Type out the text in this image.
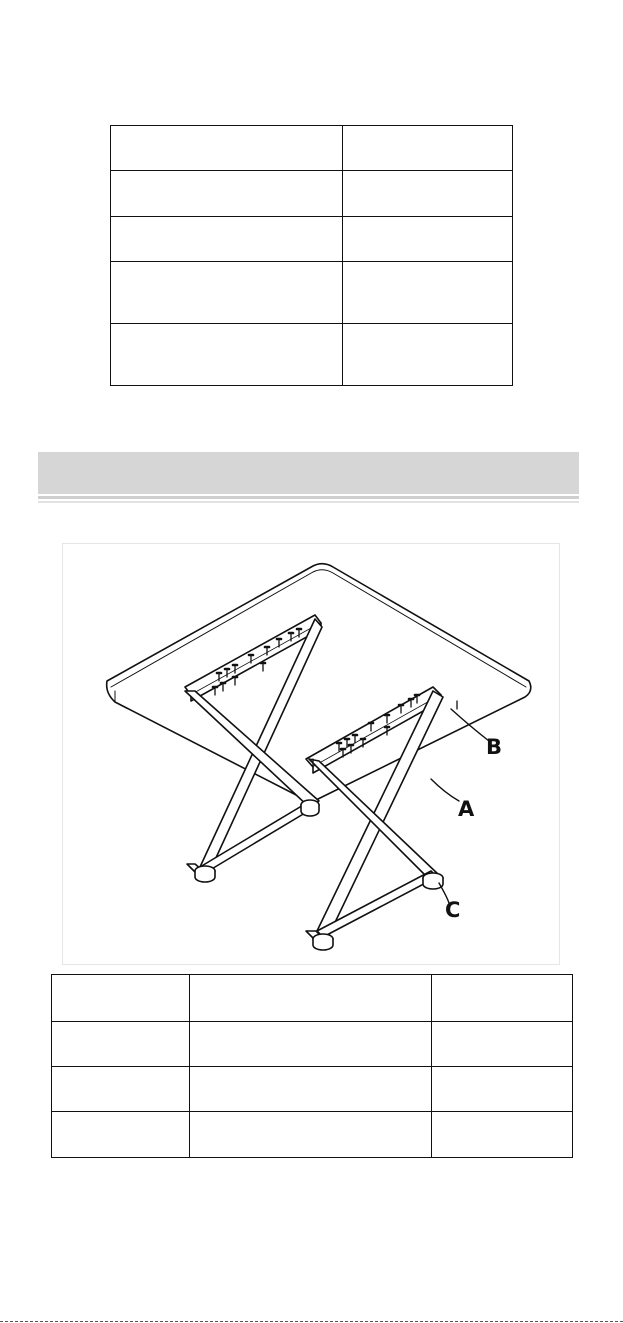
B
A
C
